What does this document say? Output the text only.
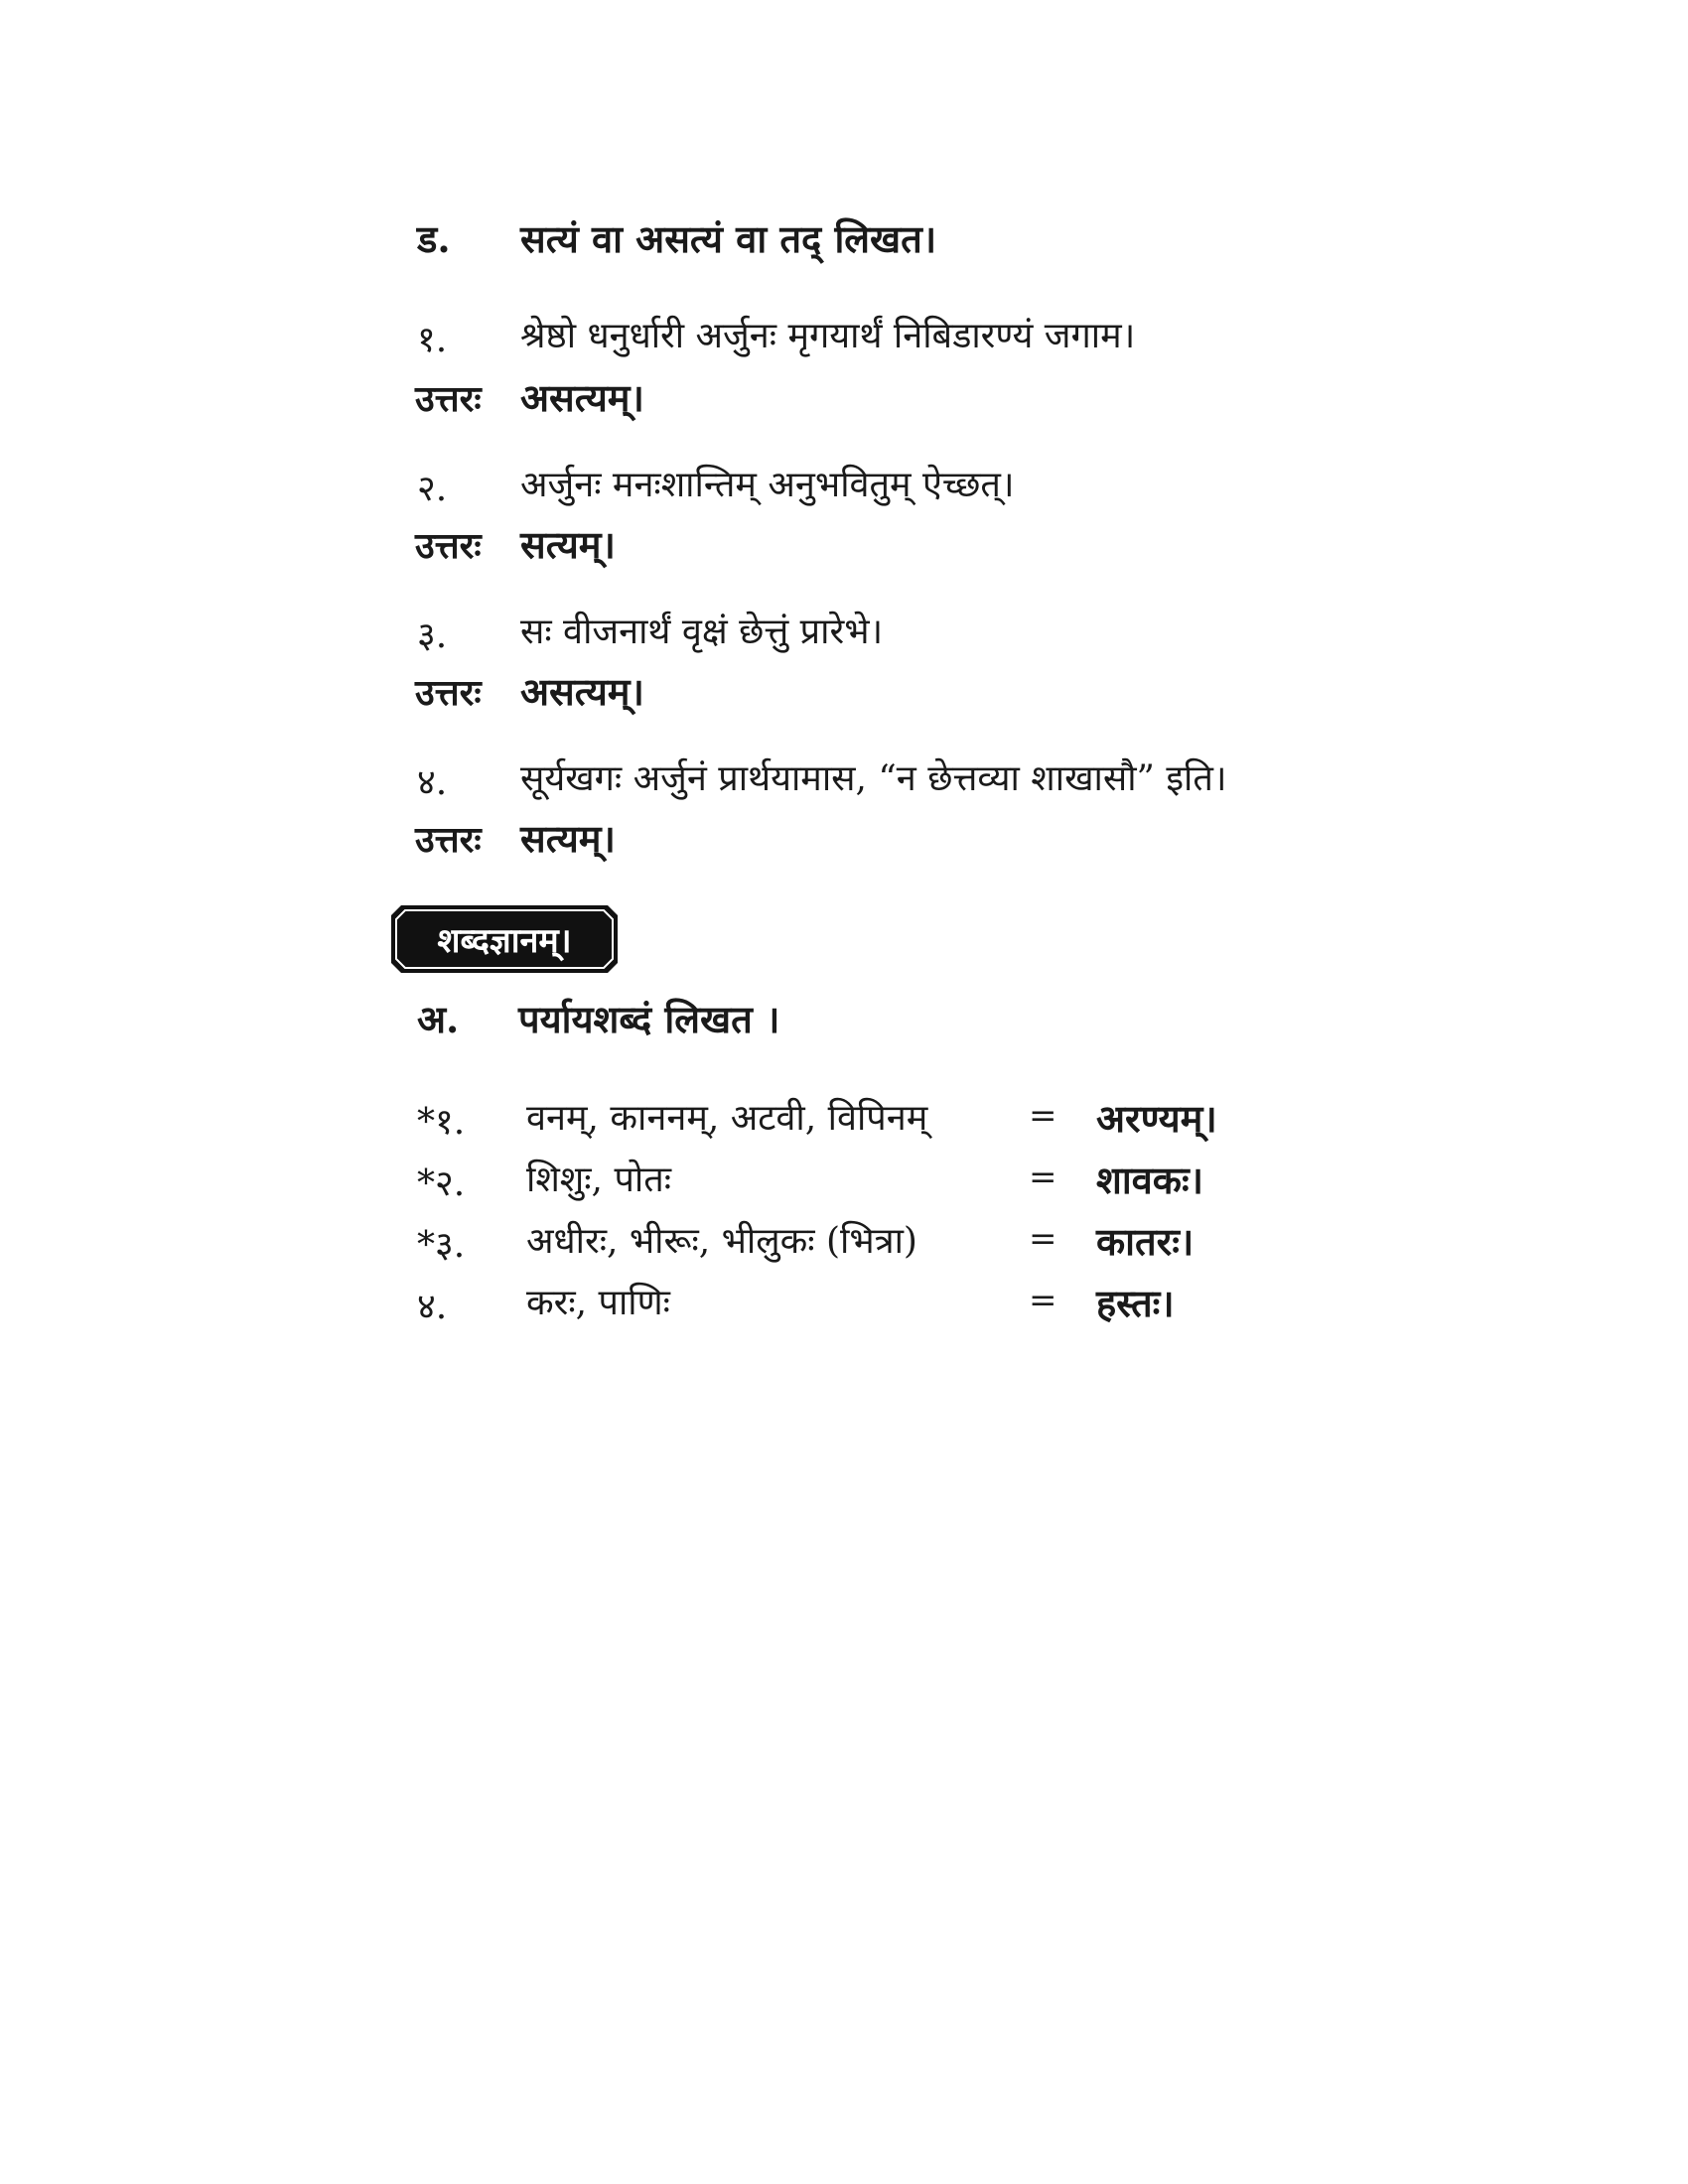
ड. सत्यं वा असत्यं वा तद् लिखत।
१. श्रेष्ठो धनुर्धारी अर्जुनः मृगयार्थं निबिडारण्यं जगाम।
उत्तरः असत्यम्।
२. अर्जुनः मनःशान्तिम् अनुभवितुम् ऐच्छत्।
उत्तरः सत्यम्।
३. सः वीजनार्थं वृक्षं छेत्तुं प्रारेभे।
उत्तरः असत्यम्।
४. सूर्यखगः अर्जुनं प्रार्थयामास, “न छेत्तव्या शाखासौ” इति।
उत्तरः सत्यम्।
शब्दज्ञानम्।
अ. पर्यायशब्दं लिखत ।
*१. वनम्, काननम्, अटवी, विपिनम्	= अरण्यम्।
*२. शिशुः, पोतः	= शावकः।
*३. अधीरः, भीरूः, भीलुकः (भित्रा)	= कातरः।
४. करः, पाणिः	= हस्तः।
